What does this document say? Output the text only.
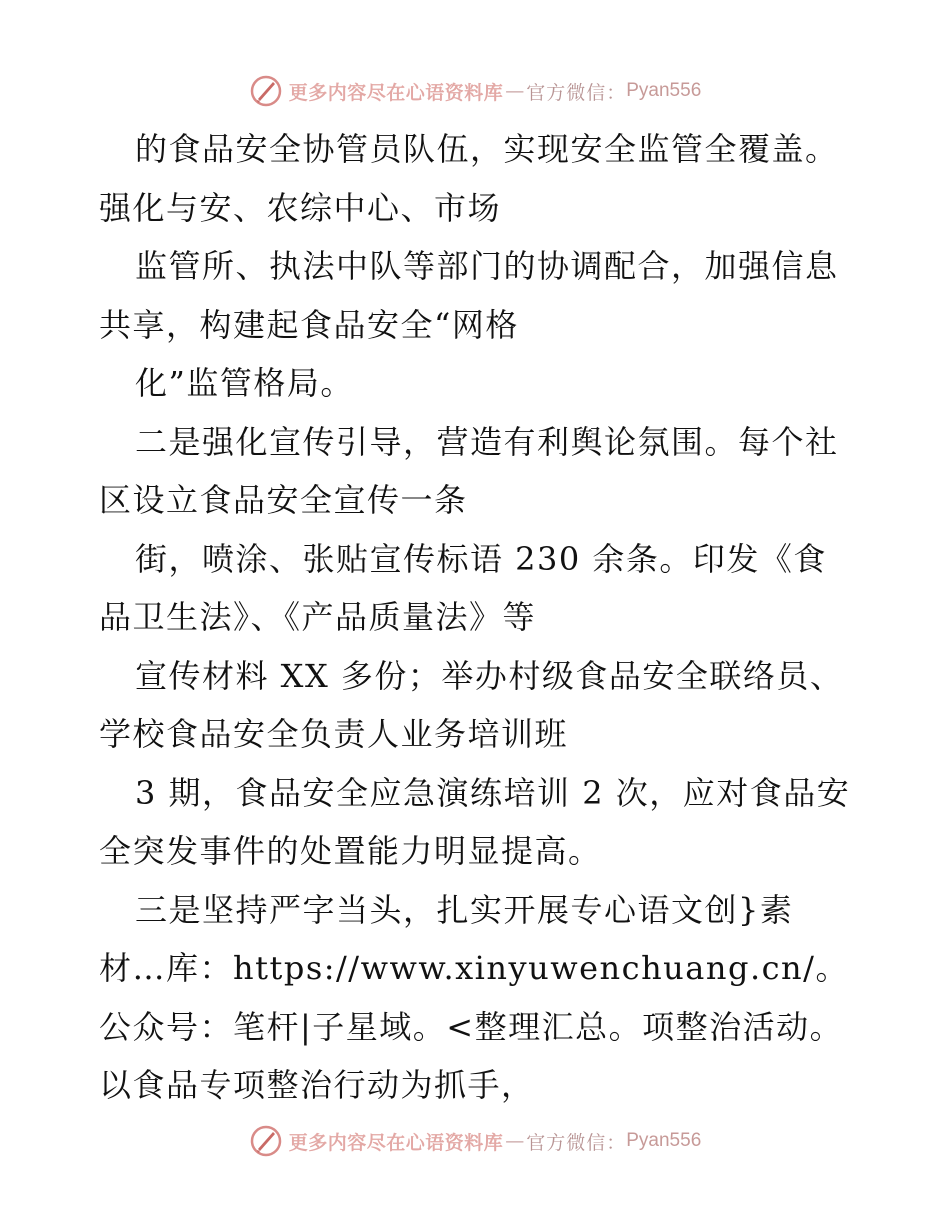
更多内容尽在心语资料库 — 官方微信： Pyan556

的食品安全协管员队伍，实现安全监管全覆盖。强化与安、农综中心、市场

监管所、执法中队等部门的协调配合，加强信息共享，构建起食品安全“网格

化”监管格局。

二是强化宣传引导，营造有利舆论氛围。每个社区设立食品安全宣传一条

街，喷涂、张贴宣传标语 230 余条。印发《食品卫生法》、《产品质量法》等

宣传材料 XX 多份；举办村级食品安全联络员、学校食品安全负责人业务培训班

3 期，食品安全应急演练培训 2 次，应对食品安全突发事件的处置能力明显提高。

三是坚持严字当头，扎实开展专心语文创}素材…库：https://www.xinyuwenchuang.cn/。公众号：笔杆|子星域。<整理汇总。项整治活动。以食品专项整治行动为抓手，

更多内容尽在心语资料库 — 官方微信： Pyan556
